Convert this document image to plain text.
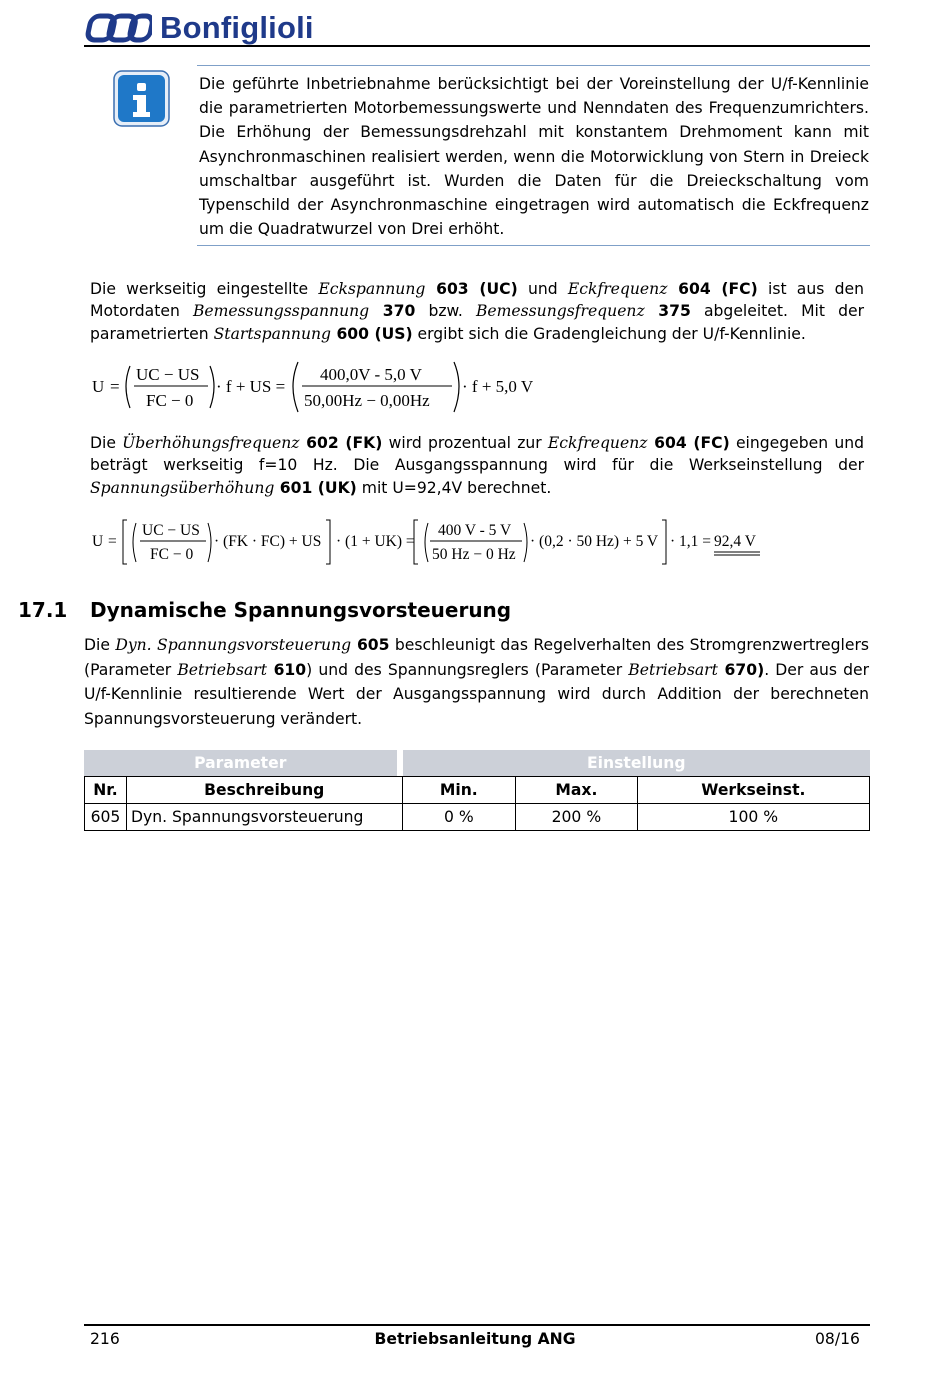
Bonfiglioli
Die geführte Inbetriebnahme berücksichtigt bei der Voreinstellung der U/f-Kennlinie die parametrierten Motorbemessungswerte und Nenndaten des Frequenzumrichters. Die Erhöhung der Bemessungsdrehzahl mit konstantem Drehmoment kann mit Asynchronmaschinen realisiert werden, wenn die Motorwicklung von Stern in Dreieck umschaltbar ausgeführt ist. Wurden die Daten für die Dreieckschaltung vom Typenschild der Asynchronmaschine eingetragen wird automatisch die Eckfrequenz um die Quadratwurzel von Drei erhöht.
Die werkseitig eingestellte Eckspannung 603 (UC) und Eckfrequenz 604 (FC) ist aus den Motordaten Bemessungsspannung 370 bzw. Bemessungsfrequenz 375 abgeleitet. Mit der parametrierten Startspannung 600 (US) ergibt sich die Gradengleichung der U/f-Kennlinie.
U =
UC − US
FC − 0
· f + US =
400,0V - 5,0 V
50,00Hz − 0,00Hz
· f + 5,0 V
Die Überhöhungsfrequenz 602 (FK) wird prozentual zur Eckfrequenz 604 (FC) eingegeben und beträgt werkseitig f=10 Hz. Die Ausgangsspannung wird für die Werkseinstellung der Spannungsüberhöhung 601 (UK) mit U=92,4V berechnet.
U =
UC − US
FC − 0
· (FK · FC) + US · (1 + UK) =
400 V - 5 V
50 Hz − 0 Hz
· (0,2 · 50 Hz) + 5 V · 1,1 = 92,4 V
17.1 Dynamische Spannungsvorsteuerung
Die Dyn. Spannungsvorsteuerung 605 beschleunigt das Regelverhalten des Stromgrenzwertreglers (Parameter Betriebsart 610) und des Spannungsreglers (Parameter Betriebsart 670). Der aus der U/f-Kennlinie resultierende Wert der Ausgangsspannung wird durch Addition der berechneten Spannungsvorsteuerung verändert.
Parameter			Einstellung		
Nr.	Beschreibung		Min.	Max.	Werkseinst.
605	Dyn. Spannungsvorsteuerung		0 %	200 %	100 %
216	Betriebsanleitung ANG	08/16
